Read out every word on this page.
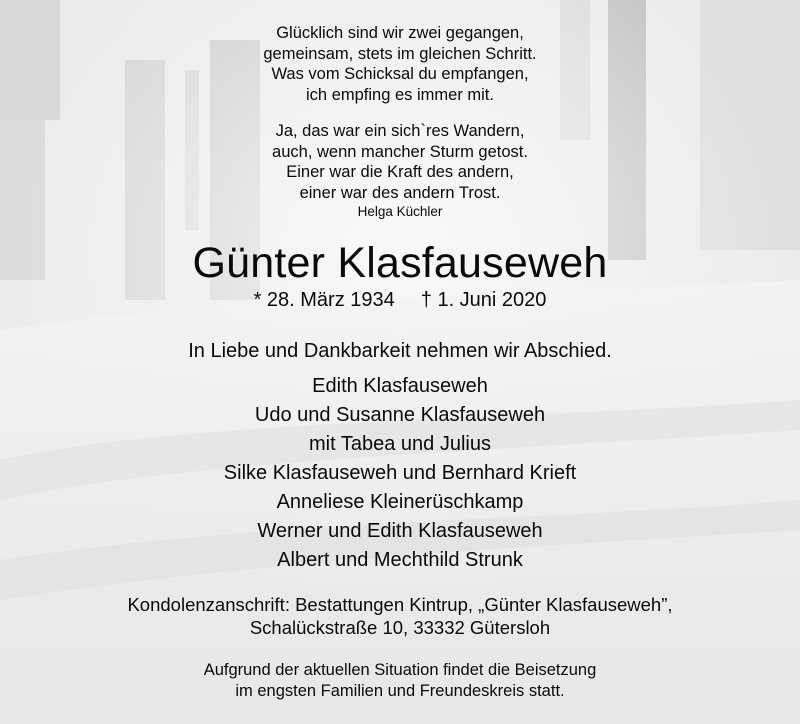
Glücklich sind wir zwei gegangen,

gemeinsam, stets im gleichen Schritt.

Was vom Schicksal du empfangen,

ich empfing es immer mit.

Ja, das war ein sich`res Wandern,

auch, wenn mancher Sturm getost.

Einer war die Kraft des andern,

einer war des andern Trost.

Helga Küchler

Günter Klasfauseweh
* 28. März 1934 † 1. Juni 2020
In Liebe und Dankbarkeit nehmen wir Abschied.
Edith Klasfauseweh
Udo und Susanne Klasfauseweh
mit Tabea und Julius
Silke Klasfauseweh und Bernhard Krieft
Anneliese Kleinerüschkamp
Werner und Edith Klasfauseweh
Albert und Mechthild Strunk

Kondolenzanschrift: Bestattungen Kintrup, „Günter Klasfauseweh”,

Schalückstraße 10, 33332 Gütersloh

Aufgrund der aktuellen Situation findet die Beisetzung

im engsten Familien und Freundeskreis statt.
